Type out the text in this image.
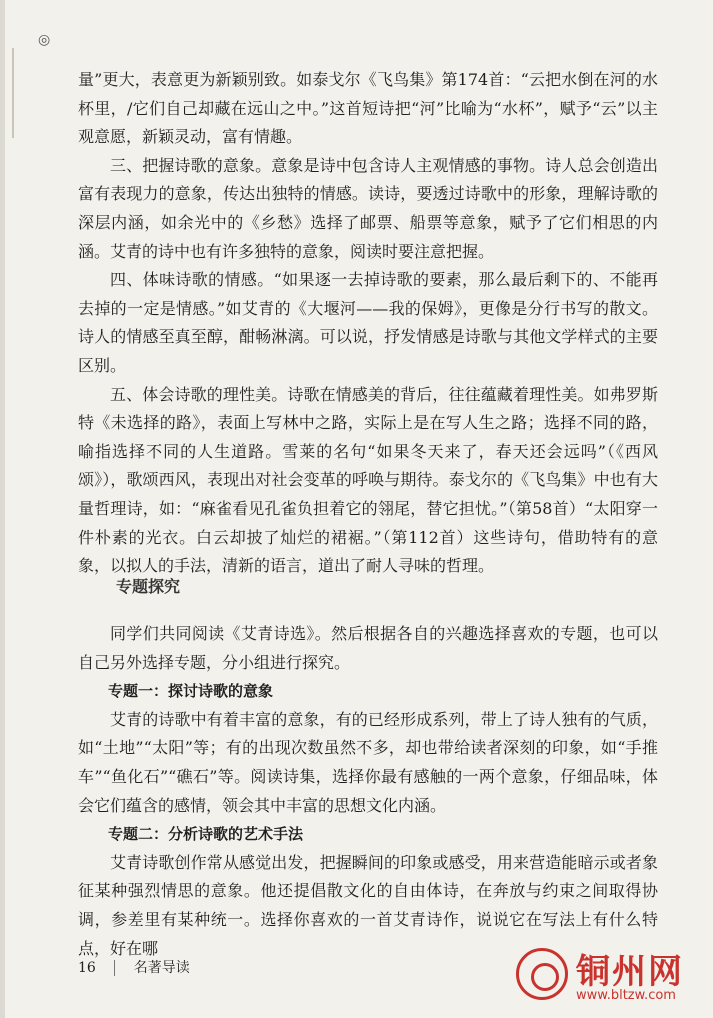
◎

量”更大，表意更为新颖别致。如泰戈尔《飞鸟集》第174首：“云把水倒在河的水杯里，/它们自己却藏在远山之中。”这首短诗把“河”比喻为“水杯”，赋予“云”以主观意愿，新颖灵动，富有情趣。

三、把握诗歌的意象。意象是诗中包含诗人主观情感的事物。诗人总会创造出富有表现力的意象，传达出独特的情感。读诗，要透过诗歌中的形象，理解诗歌的深层内涵，如余光中的《乡愁》选择了邮票、船票等意象，赋予了它们相思的内涵。艾青的诗中也有许多独特的意象，阅读时要注意把握。

四、体味诗歌的情感。“如果逐一去掉诗歌的要素，那么最后剩下的、不能再去掉的一定是情感。”如艾青的《大堰河——我的保姆》，更像是分行书写的散文。诗人的情感至真至醇，酣畅淋漓。可以说，抒发情感是诗歌与其他文学样式的主要区别。

五、体会诗歌的理性美。诗歌在情感美的背后，往往蕴藏着理性美。如弗罗斯特《未选择的路》，表面上写林中之路，实际上是在写人生之路；选择不同的路，喻指选择不同的人生道路。雪莱的名句“如果冬天来了，春天还会远吗”（《西风颂》），歌颂西风，表现出对社会变革的呼唤与期待。泰戈尔的《飞鸟集》中也有大量哲理诗，如：“麻雀看见孔雀负担着它的翎尾，替它担忧。”（第58首）“太阳穿一件朴素的光衣。白云却披了灿烂的裙裾。”（第112首）这些诗句，借助特有的意象，以拟人的手法，清新的语言，道出了耐人寻味的哲理。

专题探究

同学们共同阅读《艾青诗选》。然后根据各自的兴趣选择喜欢的专题，也可以自己另外选择专题，分小组进行探究。

专题一：探讨诗歌的意象

艾青的诗歌中有着丰富的意象，有的已经形成系列，带上了诗人独有的气质，如“土地”“太阳”等；有的出现次数虽然不多，却也带给读者深刻的印象，如“手推车”“鱼化石”“礁石”等。阅读诗集，选择你最有感触的一两个意象，仔细品味，体会它们蕴含的感情，领会其中丰富的思想文化内涵。

专题二：分析诗歌的艺术手法

艾青诗歌创作常从感觉出发，把握瞬间的印象或感受，用来营造能暗示或者象征某种强烈情思的意象。他还提倡散文化的自由体诗，在奔放与约束之间取得协调，参差里有某种统一。选择你喜欢的一首艾青诗作，说说它在写法上有什么特点，好在哪

16	名著导读	铜州网
www.bltzw.com
